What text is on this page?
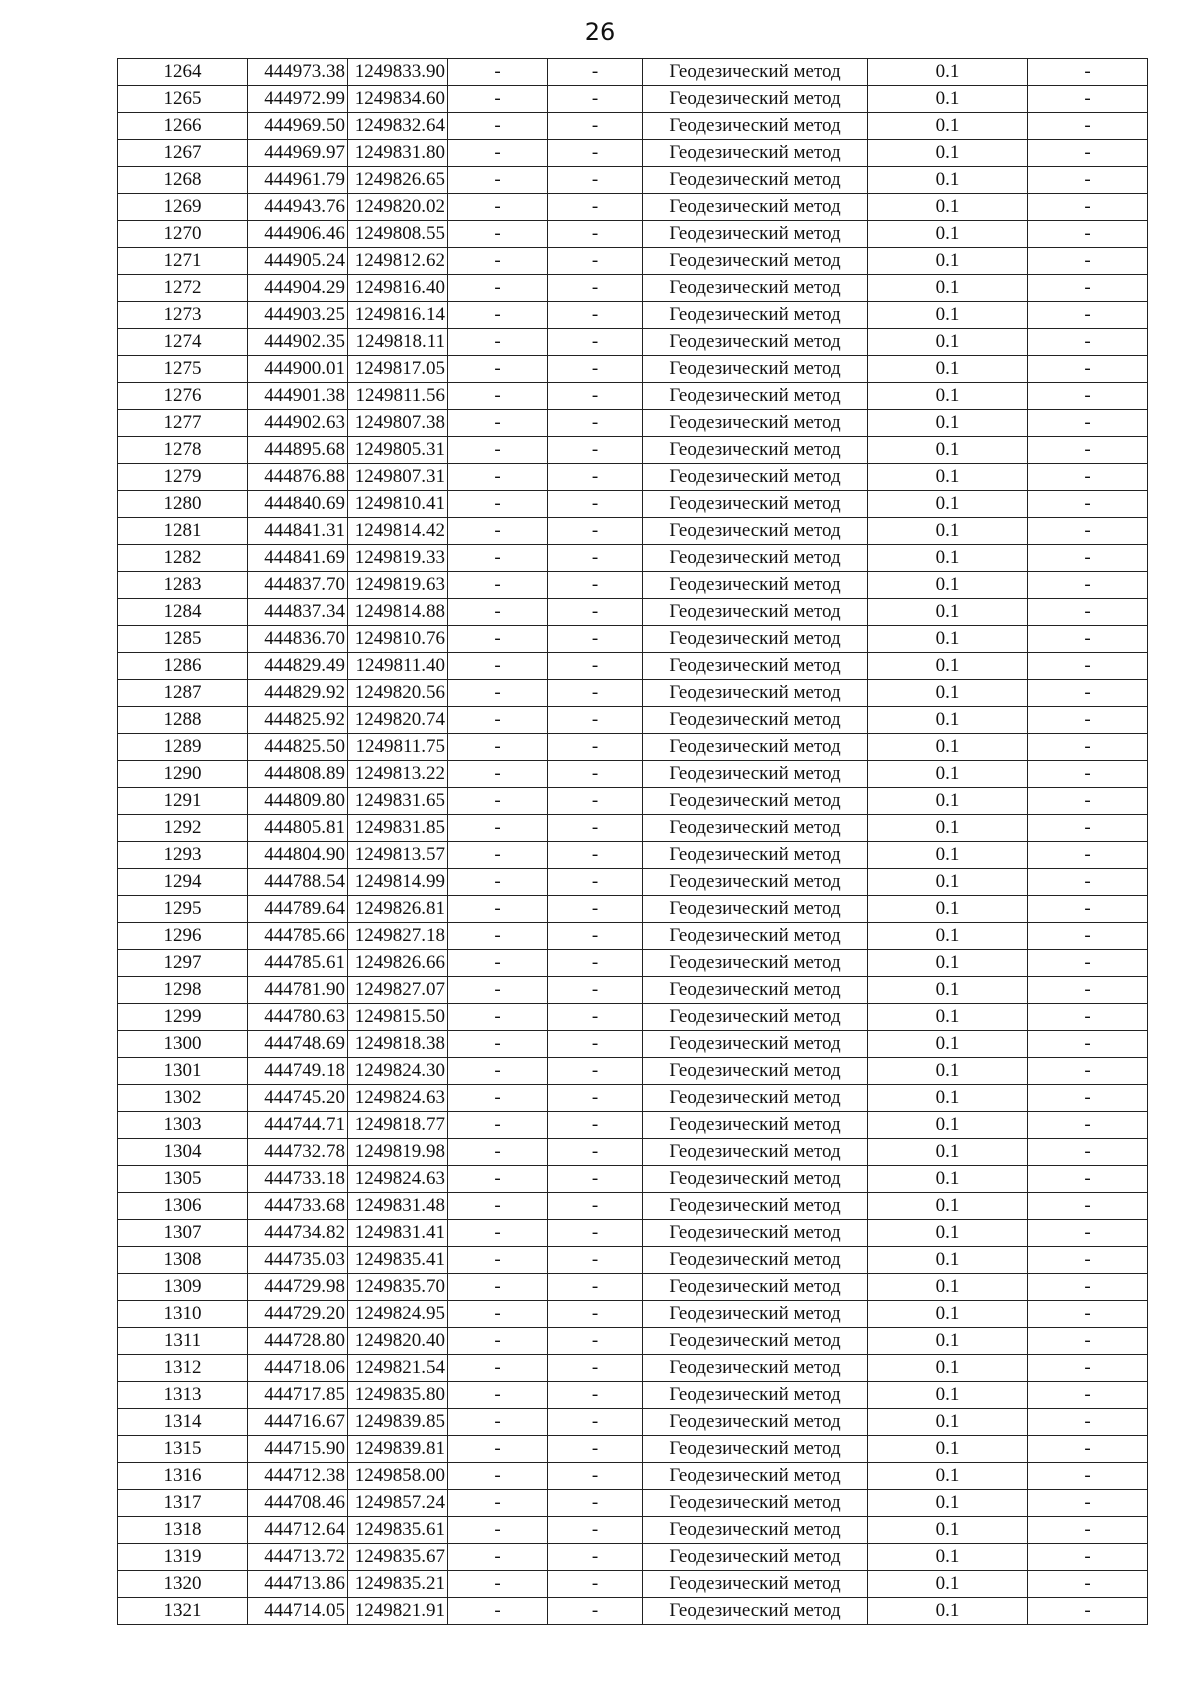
26
1264	444973.38	1249833.90	-	-	Геодезический метод	0.1	-
1265	444972.99	1249834.60	-	-	Геодезический метод	0.1	-
1266	444969.50	1249832.64	-	-	Геодезический метод	0.1	-
1267	444969.97	1249831.80	-	-	Геодезический метод	0.1	-
1268	444961.79	1249826.65	-	-	Геодезический метод	0.1	-
1269	444943.76	1249820.02	-	-	Геодезический метод	0.1	-
1270	444906.46	1249808.55	-	-	Геодезический метод	0.1	-
1271	444905.24	1249812.62	-	-	Геодезический метод	0.1	-
1272	444904.29	1249816.40	-	-	Геодезический метод	0.1	-
1273	444903.25	1249816.14	-	-	Геодезический метод	0.1	-
1274	444902.35	1249818.11	-	-	Геодезический метод	0.1	-
1275	444900.01	1249817.05	-	-	Геодезический метод	0.1	-
1276	444901.38	1249811.56	-	-	Геодезический метод	0.1	-
1277	444902.63	1249807.38	-	-	Геодезический метод	0.1	-
1278	444895.68	1249805.31	-	-	Геодезический метод	0.1	-
1279	444876.88	1249807.31	-	-	Геодезический метод	0.1	-
1280	444840.69	1249810.41	-	-	Геодезический метод	0.1	-
1281	444841.31	1249814.42	-	-	Геодезический метод	0.1	-
1282	444841.69	1249819.33	-	-	Геодезический метод	0.1	-
1283	444837.70	1249819.63	-	-	Геодезический метод	0.1	-
1284	444837.34	1249814.88	-	-	Геодезический метод	0.1	-
1285	444836.70	1249810.76	-	-	Геодезический метод	0.1	-
1286	444829.49	1249811.40	-	-	Геодезический метод	0.1	-
1287	444829.92	1249820.56	-	-	Геодезический метод	0.1	-
1288	444825.92	1249820.74	-	-	Геодезический метод	0.1	-
1289	444825.50	1249811.75	-	-	Геодезический метод	0.1	-
1290	444808.89	1249813.22	-	-	Геодезический метод	0.1	-
1291	444809.80	1249831.65	-	-	Геодезический метод	0.1	-
1292	444805.81	1249831.85	-	-	Геодезический метод	0.1	-
1293	444804.90	1249813.57	-	-	Геодезический метод	0.1	-
1294	444788.54	1249814.99	-	-	Геодезический метод	0.1	-
1295	444789.64	1249826.81	-	-	Геодезический метод	0.1	-
1296	444785.66	1249827.18	-	-	Геодезический метод	0.1	-
1297	444785.61	1249826.66	-	-	Геодезический метод	0.1	-
1298	444781.90	1249827.07	-	-	Геодезический метод	0.1	-
1299	444780.63	1249815.50	-	-	Геодезический метод	0.1	-
1300	444748.69	1249818.38	-	-	Геодезический метод	0.1	-
1301	444749.18	1249824.30	-	-	Геодезический метод	0.1	-
1302	444745.20	1249824.63	-	-	Геодезический метод	0.1	-
1303	444744.71	1249818.77	-	-	Геодезический метод	0.1	-
1304	444732.78	1249819.98	-	-	Геодезический метод	0.1	-
1305	444733.18	1249824.63	-	-	Геодезический метод	0.1	-
1306	444733.68	1249831.48	-	-	Геодезический метод	0.1	-
1307	444734.82	1249831.41	-	-	Геодезический метод	0.1	-
1308	444735.03	1249835.41	-	-	Геодезический метод	0.1	-
1309	444729.98	1249835.70	-	-	Геодезический метод	0.1	-
1310	444729.20	1249824.95	-	-	Геодезический метод	0.1	-
1311	444728.80	1249820.40	-	-	Геодезический метод	0.1	-
1312	444718.06	1249821.54	-	-	Геодезический метод	0.1	-
1313	444717.85	1249835.80	-	-	Геодезический метод	0.1	-
1314	444716.67	1249839.85	-	-	Геодезический метод	0.1	-
1315	444715.90	1249839.81	-	-	Геодезический метод	0.1	-
1316	444712.38	1249858.00	-	-	Геодезический метод	0.1	-
1317	444708.46	1249857.24	-	-	Геодезический метод	0.1	-
1318	444712.64	1249835.61	-	-	Геодезический метод	0.1	-
1319	444713.72	1249835.67	-	-	Геодезический метод	0.1	-
1320	444713.86	1249835.21	-	-	Геодезический метод	0.1	-
1321	444714.05	1249821.91	-	-	Геодезический метод	0.1	-
